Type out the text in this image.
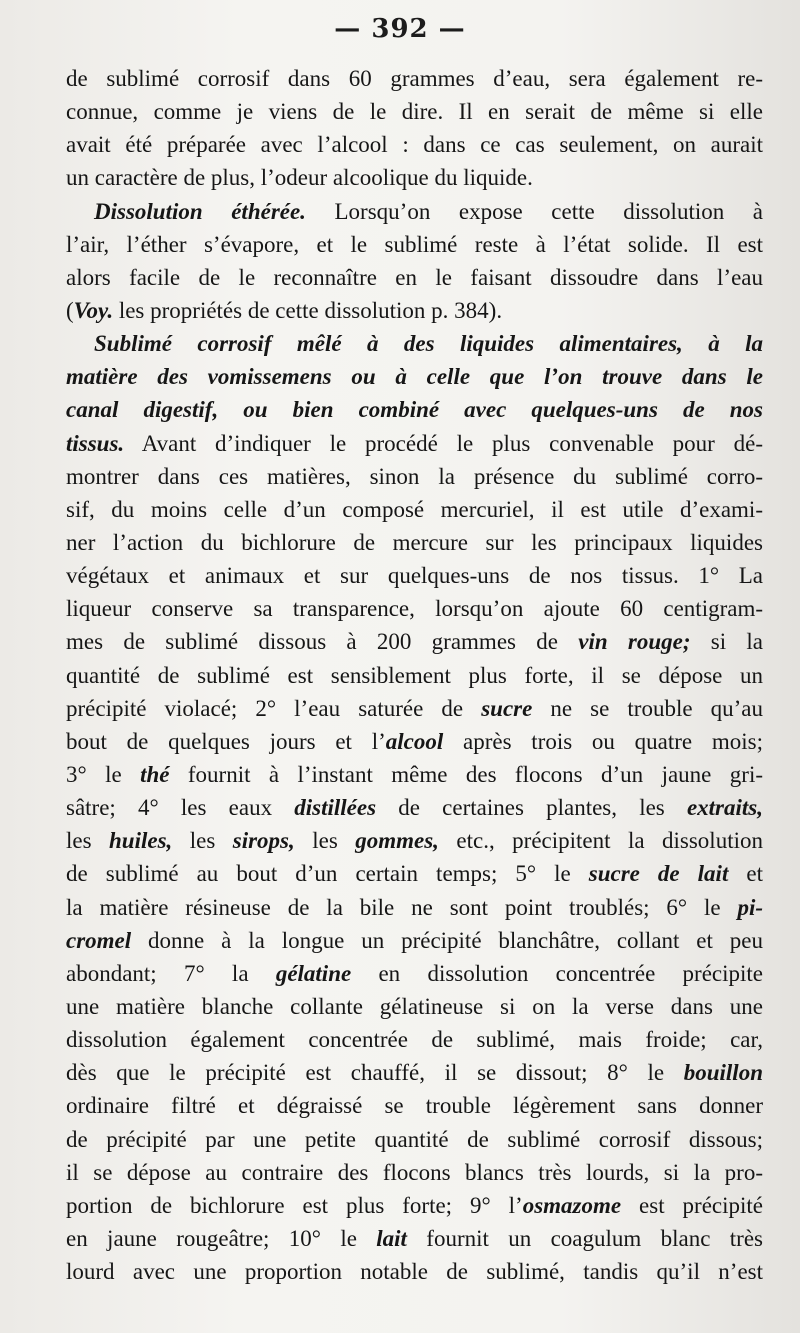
— 392 —
de sublimé corrosif dans 60 grammes d’eau, sera également re-
connue, comme je viens de le dire. Il en serait de même si elle
avait été préparée avec l’alcool : dans ce cas seulement, on aurait
un caractère de plus, l’odeur alcoolique du liquide.
Dissolution éthérée. Lorsqu’on expose cette dissolution à
l’air, l’éther s’évapore, et le sublimé reste à l’état solide. Il est
alors facile de le reconnaître en le faisant dissoudre dans l’eau
(Voy. les propriétés de cette dissolution p. 384).
Sublimé corrosif mêlé à des liquides alimentaires, à la
matière des vomissemens ou à celle que l’on trouve dans le
canal digestif, ou bien combiné avec quelques-uns de nos
tissus. Avant d’indiquer le procédé le plus convenable pour dé-
montrer dans ces matières, sinon la présence du sublimé corro-
sif, du moins celle d’un composé mercuriel, il est utile d’exami-
ner l’action du bichlorure de mercure sur les principaux liquides
végétaux et animaux et sur quelques-uns de nos tissus. 1° La
liqueur conserve sa transparence, lorsqu’on ajoute 60 centigram-
mes de sublimé dissous à 200 grammes de vin rouge; si la
quantité de sublimé est sensiblement plus forte, il se dépose un
précipité violacé; 2° l’eau saturée de sucre ne se trouble qu’au
bout de quelques jours et l’alcool après trois ou quatre mois;
3° le thé fournit à l’instant même des flocons d’un jaune gri-
sâtre; 4° les eaux distillées de certaines plantes, les extraits,
les huiles, les sirops, les gommes, etc., précipitent la dissolution
de sublimé au bout d’un certain temps; 5° le sucre de lait et
la matière résineuse de la bile ne sont point troublés; 6° le pi-
cromel donne à la longue un précipité blanchâtre, collant et peu
abondant; 7° la gélatine en dissolution concentrée précipite
une matière blanche collante gélatineuse si on la verse dans une
dissolution également concentrée de sublimé, mais froide; car,
dès que le précipité est chauffé, il se dissout; 8° le bouillon
ordinaire filtré et dégraissé se trouble légèrement sans donner
de précipité par une petite quantité de sublimé corrosif dissous;
il se dépose au contraire des flocons blancs très lourds, si la pro-
portion de bichlorure est plus forte; 9° l’osmazome est précipité
en jaune rougeâtre; 10° le lait fournit un coagulum blanc très
lourd avec une proportion notable de sublimé, tandis qu’il n’est
